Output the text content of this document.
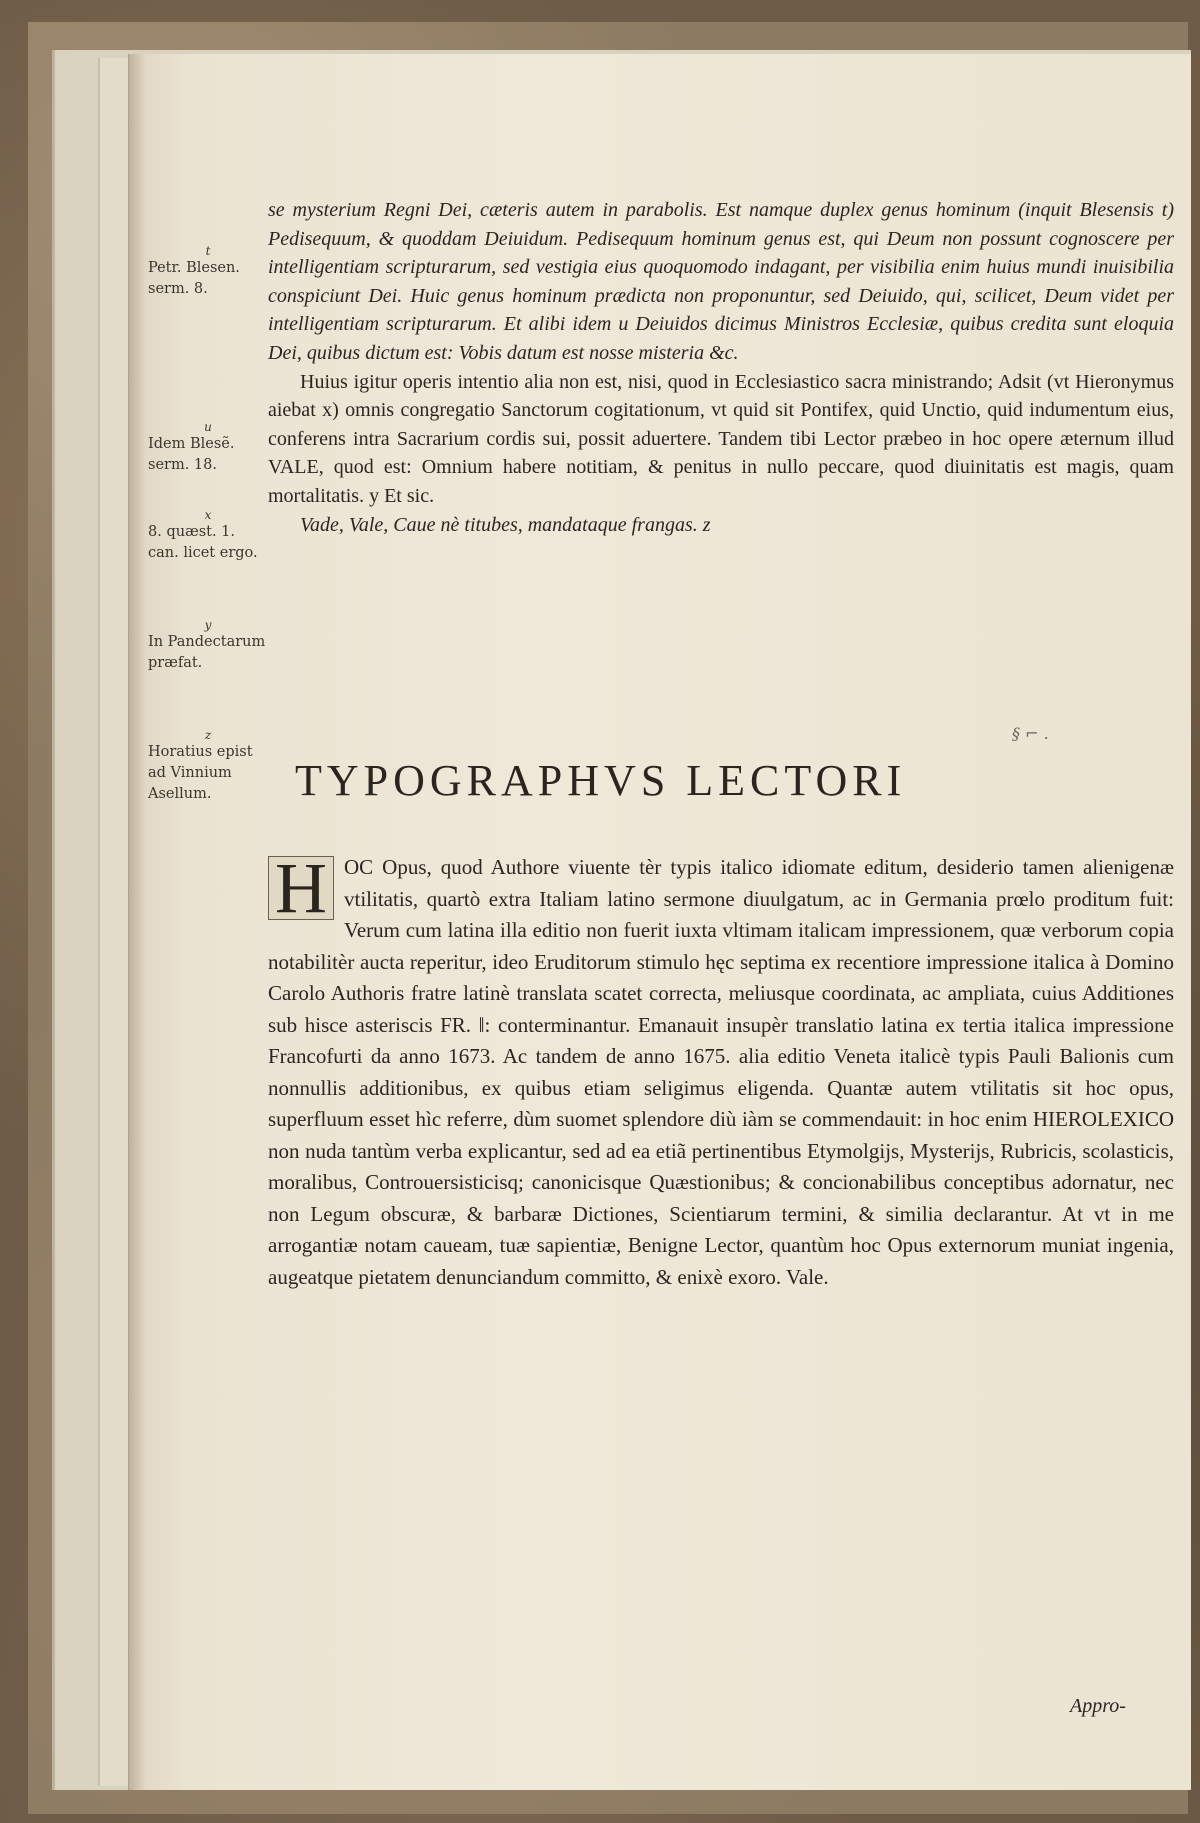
t
Petr. Blesen. serm. 8.
u
Idem Blesẽ. serm. 18.
x
8. quæst. 1. can. licet ergo.
y
In Pandectarum præfat.
z
Horatius epist ad Vinnium Asellum.

se mysterium Regni Dei, cæteris autem in parabolis. Est namque duplex genus hominum (inquit Blesensis t) Pedisequum, & quoddam Deiuidum. Pedisequum hominum genus est, qui Deum non possunt cognoscere per intelligentiam scripturarum, sed vestigia eius quoquomodo indagant, per visibilia enim huius mundi inuisibilia conspiciunt Dei. Huic genus hominum prædicta non proponuntur, sed Deiuido, qui, scilicet, Deum videt per intelligentiam scripturarum. Et alibi idem u Deiuidos dicimus Ministros Ecclesiæ, quibus credita sunt eloquia Dei, quibus dictum est: Vobis datum est nosse misteria &c.

Huius igitur operis intentio alia non est, nisi, quod in Ecclesiastico sacra ministrando; Adsit (vt Hieronymus aiebat x) omnis congregatio Sanctorum cogitationum, vt quid sit Pontifex, quid Unctio, quid indumentum eius, conferens intra Sacrarium cordis sui, possit aduertere. Tandem tibi Lector præbeo in hoc opere æternum illud VALE, quod est: Omnium habere notitiam, & penitus in nullo peccare, quod diuinitatis est magis, quam mortalitatis. y Et sic.

Vade, Vale, Caue nè titubes, mandataque frangas. z

§ ⌐ .
TYPOGRAPHVS LECTORI
H OC Opus, quod Authore viuente tèr typis italico idiomate editum, desiderio tamen alienigenæ vtilitatis, quartò extra Italiam latino sermone diuulgatum, ac in Germania prœlo proditum fuit: Verum cum latina illa editio non fuerit iuxta vltimam italicam impressionem, quæ verborum copia notabilitèr aucta reperitur, ideo Eruditorum stimulo hęc septima ex recentiore impressione italica à Domino Carolo Authoris fratre latinè translata scatet correcta, meliusque coordinata, ac ampliata, cuius Additiones sub hisce asteriscis FR. ‖: conterminantur. Emanauit insupèr translatio latina ex tertia italica impressione Francofurti da anno 1673. Ac tandem de anno 1675. alia editio Veneta italicè typis Pauli Balionis cum nonnullis additionibus, ex quibus etiam seligimus eligenda. Quantæ autem vtilitatis sit hoc opus, superfluum esset hìc referre, dùm suomet splendore diù iàm se commendauit: in hoc enim HIEROLEXICO non nuda tantùm verba explicantur, sed ad ea etiã pertinentibus Etymolgijs, Mysterijs, Rubricis, scolasticis, moralibus, Controuersisticisq; canonicisque Quæstionibus; & concionabilibus conceptibus adornatur, nec non Legum obscuræ, & barbaræ Dictiones, Scientiarum termini, & similia declarantur. At vt in me arrogantiæ notam caueam, tuæ sapientiæ, Benigne Lector, quantùm hoc Opus externorum muniat ingenia, augeatque pietatem denunciandum committo, & enixè exoro. Vale.

Appro-
